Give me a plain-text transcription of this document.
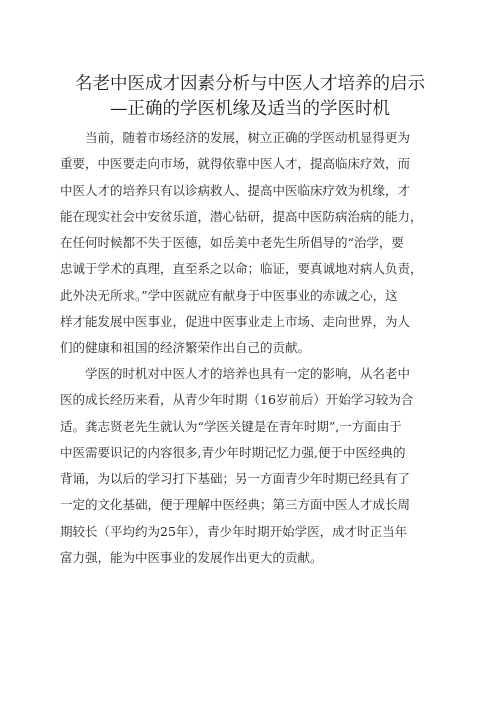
名老中医成才因素分析与中医人才培养的启示
—正确的学医机缘及适当的学医时机
　　当前，随着市场经济的发展，树立正确的学医动机显得更为
重要，中医要走向市场，就得依靠中医人才，提高临床疗效，而
中医人才的培养只有以诊病救人、提高中医临床疗效为机缘，才
能在现实社会中安贫乐道，潜心钻研，提高中医防病治病的能力，
在任何时候都不失于医德，如岳美中老先生所倡导的“治学，要
忠诚于学术的真理，直至系之以命；临证，要真诚地对病人负责，
此外决无所求。”学中医就应有献身于中医事业的赤诚之心，这
样才能发展中医事业，促进中医事业走上市场、走向世界，为人
们的健康和祖国的经济繁荣作出自己的贡献。
　　学医的时机对中医人才的培养也具有一定的影响，从名老中
医的成长经历来看，从青少年时期（16岁前后）开始学习较为合
适。龚志贤老先生就认为“学医关键是在青年时期”,一方面由于
中医需要识记的内容很多,青少年时期记忆力强,便于中医经典的
背诵，为以后的学习打下基础；另一方面青少年时期已经具有了
一定的文化基础，便于理解中医经典；第三方面中医人才成长周
期较长（平均约为25年），青少年时期开始学医，成才时正当年
富力强，能为中医事业的发展作出更大的贡献。
